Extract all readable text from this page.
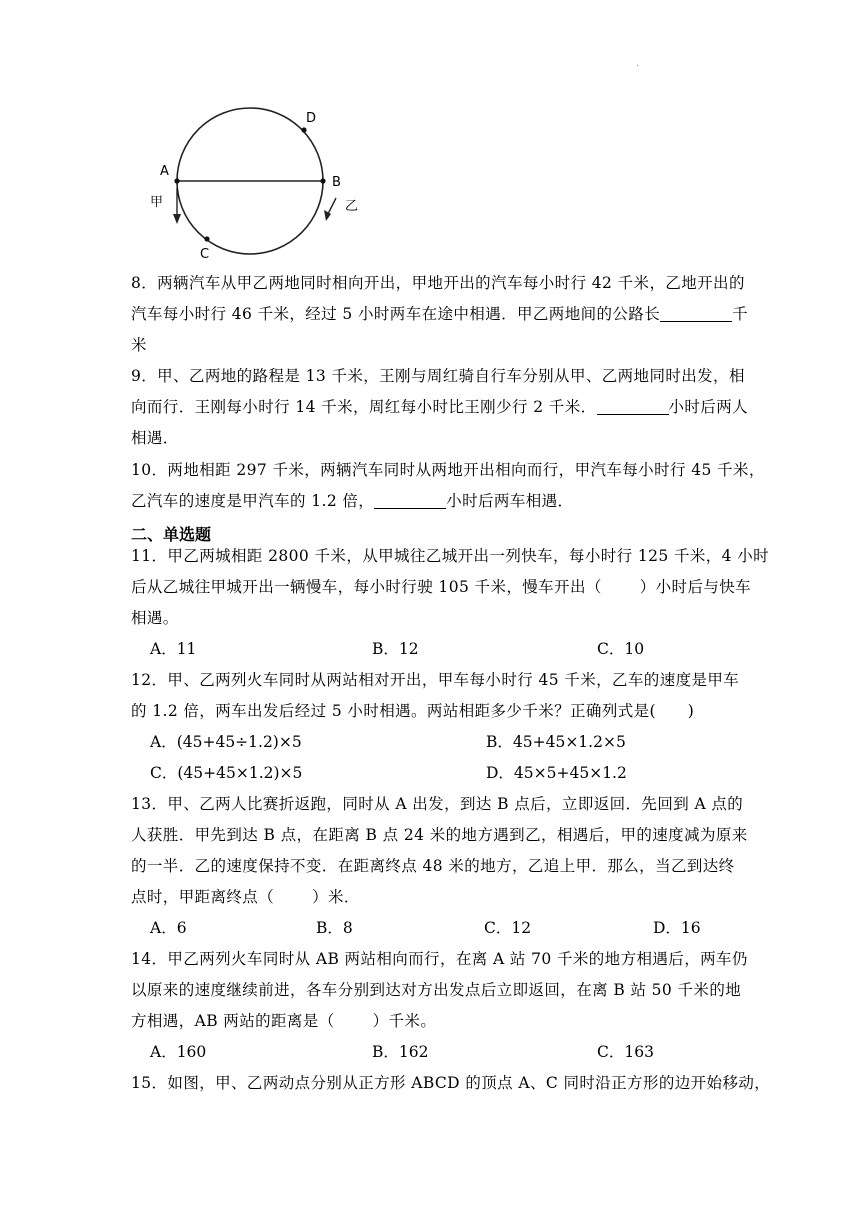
.
A
B
D
C
甲	乙
8．两辆汽车从甲乙两地同时相向开出，甲地开出的汽车每小时行 42 千米，乙地开出的
汽车每小时行 46 千米，经过 5 小时两车在途中相遇．甲乙两地间的公路长	千
米
9．甲、乙两地的路程是 13 千米，王刚与周红骑自行车分别从甲、乙两地同时出发，相
向而行．王刚每小时行 14 千米，周红每小时比王刚少行 2 千米．	小时后两人
相遇．
10．两地相距 297 千米，两辆汽车同时从两地开出相向而行，甲汽车每小时行 45 千米，
乙汽车的速度是甲汽车的 1.2 倍，	小时后两车相遇．
二、单选题
11．甲乙两城相距 2800 千米，从甲城往乙城开出一列快车，每小时行 125 千米，4 小时
后从乙城往甲城开出一辆慢车，每小时行驶 105 千米，慢车开出（ ）小时后与快车
相遇。
A．11	B．12	C．10
12．甲、乙两列火车同时从两站相对开出，甲车每小时行 45 千米，乙车的速度是甲车
的 1.2 倍，两车出发后经过 5 小时相遇。两站相距多少千米？正确列式是(　　)
A．(45+45÷1.2)×5	B．45+45×1.2×5
C．(45+45×1.2)×5	D．45×5+45×1.2
13．甲、乙两人比赛折返跑，同时从 A 出发，到达 B 点后，立即返回．先回到 A 点的
人获胜．甲先到达 B 点，在距离 B 点 24 米的地方遇到乙，相遇后，甲的速度减为原来
的一半．乙的速度保持不变．在距离终点 48 米的地方，乙追上甲．那么，当乙到达终
点时，甲距离终点（ ）米．
A．6	B．8	C．12	D．16
14．甲乙两列火车同时从 AB 两站相向而行，在离 A 站 70 千米的地方相遇后，两车仍
以原来的速度继续前进，各车分别到达对方出发点后立即返回，在离 B 站 50 千米的地
方相遇，AB 两站的距离是（ ）千米。
A．160	B．162	C．163
15．如图，甲、乙两动点分别从正方形 ABCD 的顶点 A、C 同时沿正方形的边开始移动，
